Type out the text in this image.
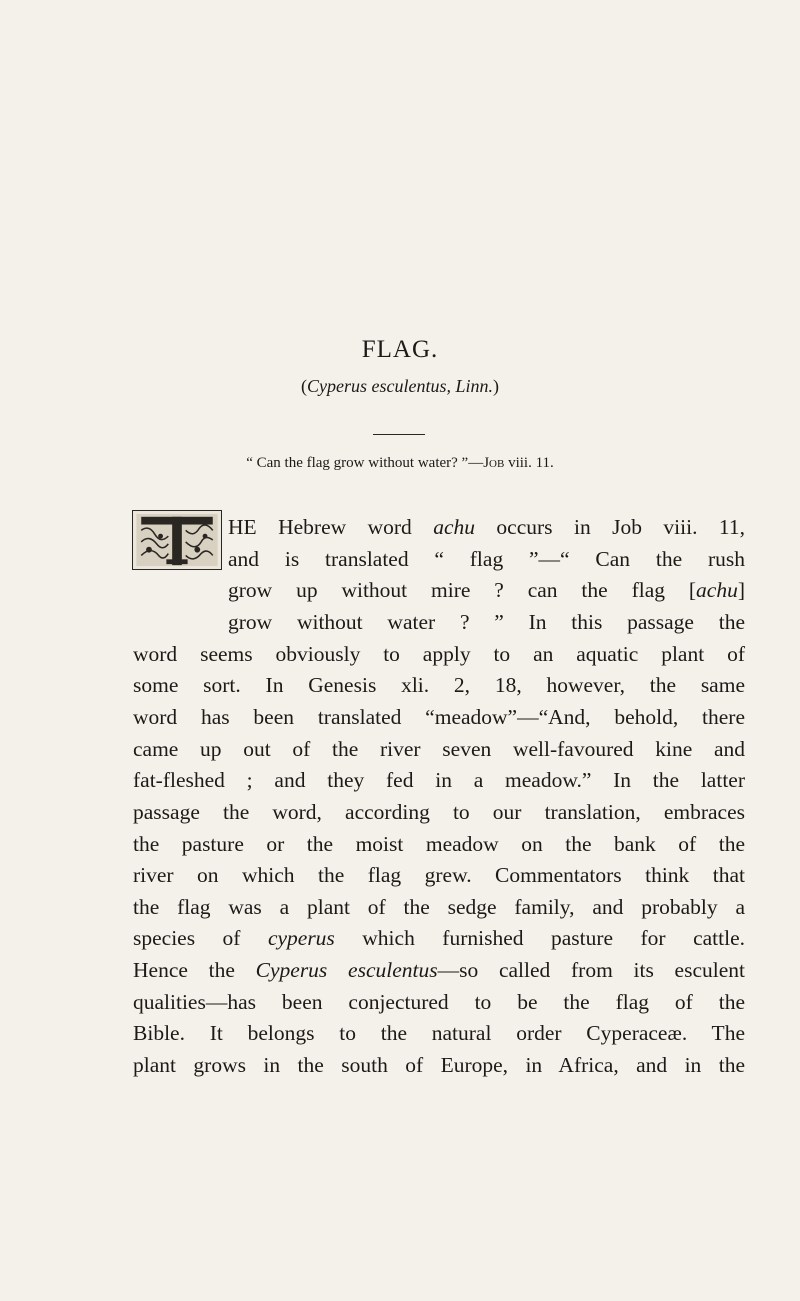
FLAG.
(Cyperus esculentus, Linn.)
“ Can the flag grow without water? ”—Job viii. 11.
HE Hebrew word achu occurs in Job viii. 11,
and is translated “ flag ”—“ Can the rush
grow up without mire ? can the flag [achu]
grow without water ? ” In this passage the
word seems obviously to apply to an aquatic plant of
some sort. In Genesis xli. 2, 18, however, the same
word has been translated “meadow”—“And, behold, there
came up out of the river seven well-favoured kine and
fat-fleshed ; and they fed in a meadow.” In the latter
passage the word, according to our translation, embraces
the pasture or the moist meadow on the bank of the
river on which the flag grew. Commentators think that
the flag was a plant of the sedge family, and probably a
species of cyperus which furnished pasture for cattle.
Hence the Cyperus esculentus—so called from its esculent
qualities—has been conjectured to be the flag of the
Bible. It belongs to the natural order Cyperaceæ. The
plant grows in the south of Europe, in Africa, and in the
